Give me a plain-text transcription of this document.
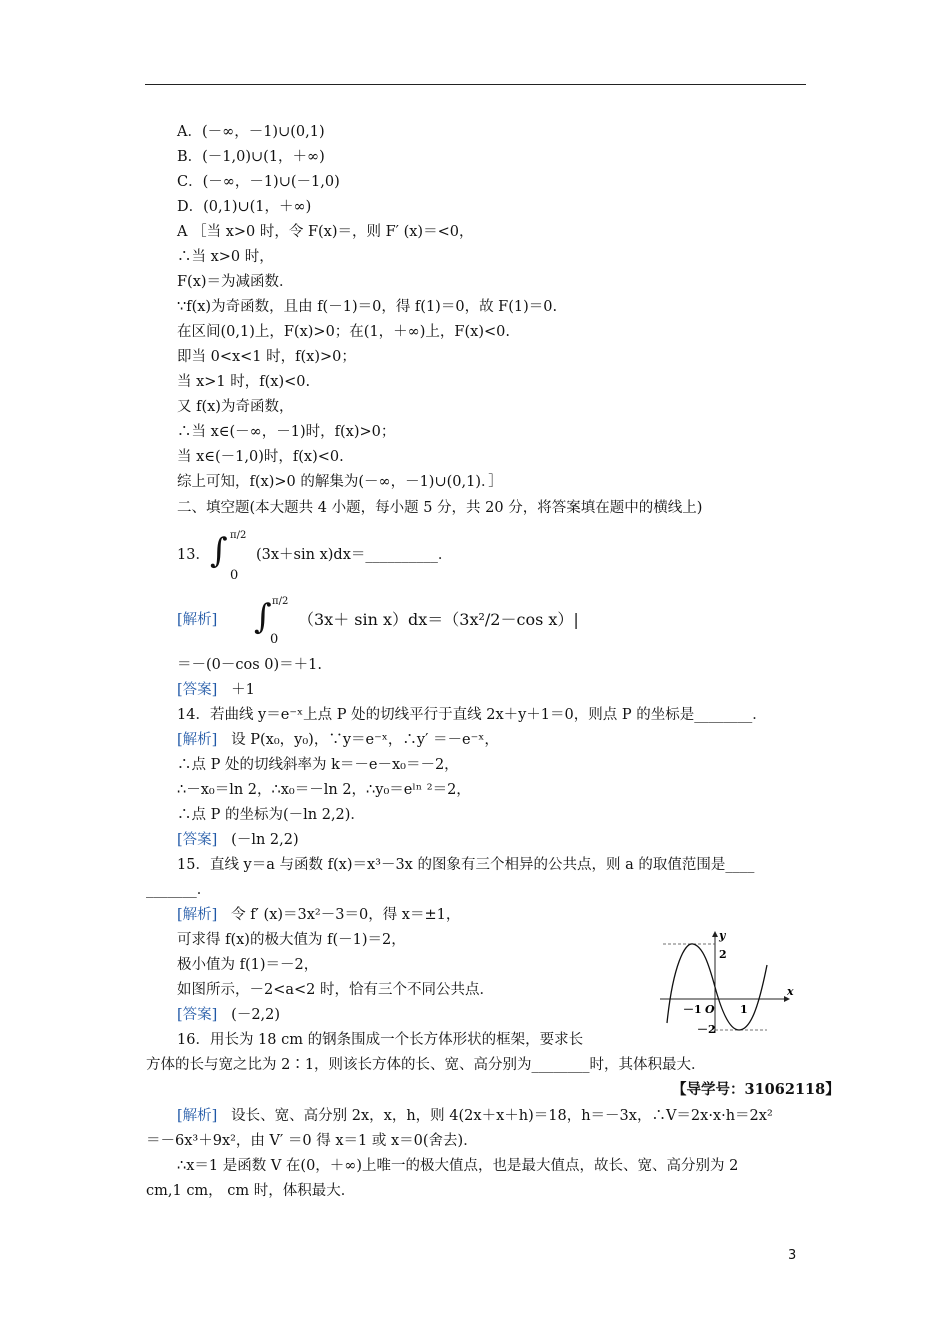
A．(－∞，－1)∪(0,1)
B．(－1,0)∪(1，＋∞)
C．(－∞，－1)∪(－1,0)
D．(0,1)∪(1，＋∞)
A ［当 x>0 时，令 F(x)＝，则 F′ (x)＝<0，
∴当 x>0 时，
F(x)＝为减函数．
∵f(x)为奇函数，且由 f(－1)＝0，得 f(1)＝0，故 F(1)＝0.
在区间(0,1)上，F(x)>0；在(1，＋∞)上，F(x)<0.
即当 0<x<1 时，f(x)>0；
当 x>1 时，f(x)<0.
又 f(x)为奇函数，
∴当 x∈(－∞，－1)时，f(x)>0；
当 x∈(－1,0)时，f(x)<0.
综上可知，f(x)>0 的解集为(－∞，－1)∪(0,1)．］
二、填空题(本大题共 4 小题，每小题 5 分，共 20 分，将答案填在题中的横线上)
13． ∫ π/2
0
(3x＋sin x)dx＝__________．
[解析] ∫ π/2
0
（3x＋ sin x）dx＝（3x²/2－cos x）|
＝－(0－cos 0)＝＋1.
[答案] ＋1
14．若曲线 y＝e⁻ˣ上点 P 处的切线平行于直线 2x＋y＋1＝0，则点 P 的坐标是________．
[解析] 设 P(x₀，y₀)，∵y＝e⁻ˣ，∴y′ ＝－e⁻ˣ，
∴点 P 处的切线斜率为 k＝－e－x₀＝－2，
∴－x₀＝ln 2，∴x₀＝－ln 2，∴y₀＝eˡⁿ ²＝2，
∴点 P 的坐标为(－ln 2,2)．
[答案] (－ln 2,2)
15．直线 y＝a 与函数 f(x)＝x³－3x 的图象有三个相异的公共点，则 a 的取值范围是____
_______．
[解析] 令 f′ (x)＝3x²－3＝0，得 x＝±1，
可求得 f(x)的极大值为 f(－1)＝2，
极小值为 f(1)＝－2，
如图所示，－2<a<2 时，恰有三个不同公共点．
[答案] (－2,2)
y
x
2
－2
－1 O 1
16．用长为 18 cm 的钢条围成一个长方体形状的框架，要求长
方体的长与宽之比为 2∶1，则该长方体的长、宽、高分别为________时，其体积最大．
【导学号：31062118】
[解析] 设长、宽、高分别 2x，x，h，则 4(2x＋x＋h)＝18，h＝－3x，∴V＝2x·x·h＝2x²
＝－6x³＋9x²，由 V′ ＝0 得 x＝1 或 x＝0(舍去)．
∴x＝1 是函数 V 在(0，＋∞)上唯一的极大值点，也是最大值点，故长、宽、高分别为 2
cm,1 cm， cm 时，体积最大．
3
